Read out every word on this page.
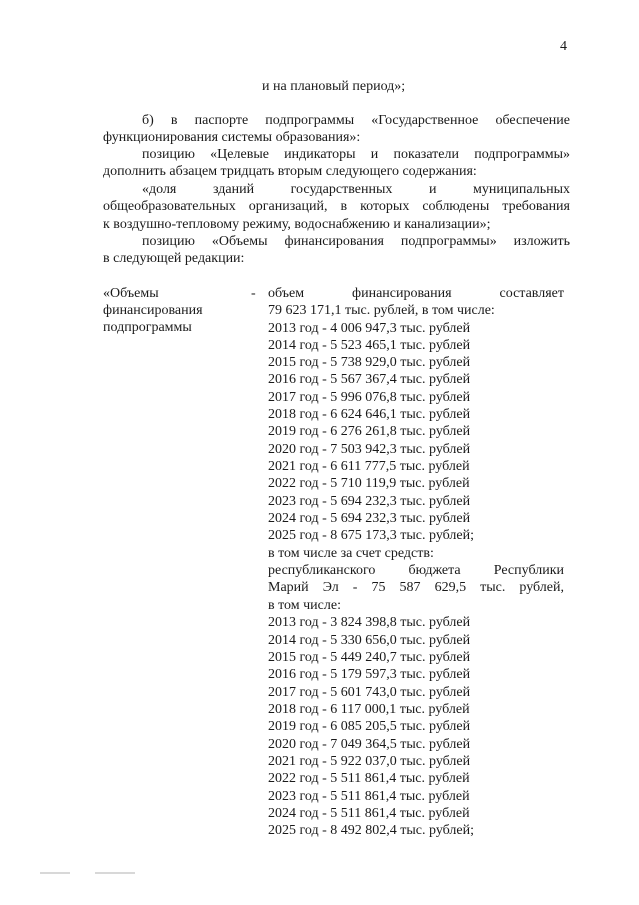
4
и на плановый период»;
б) в паспорте подпрограммы «Государственное обеспечение
функционирования системы образования»:
позицию «Целевые индикаторы и показатели подпрограммы»
дополнить абзацем тридцать вторым следующего содержания:
«доля зданий государственных и муниципальных
общеобразовательных организаций, в которых соблюдены требования
к воздушно-тепловому режиму, водоснабжению и канализации»;
позицию «Объемы финансирования подпрограммы» изложить
в следующей редакции:
«Объемы
финансирования
подпрограммы
- объем финансирования составляет
79 623 171,1 тыс. рублей, в том числе:
2013 год - 4 006 947,3 тыс. рублей
2014 год - 5 523 465,1 тыс. рублей
2015 год - 5 738 929,0 тыс. рублей
2016 год - 5 567 367,4 тыс. рублей
2017 год - 5 996 076,8 тыс. рублей
2018 год - 6 624 646,1 тыс. рублей
2019 год - 6 276 261,8 тыс. рублей
2020 год - 7 503 942,3 тыс. рублей
2021 год - 6 611 777,5 тыс. рублей
2022 год - 5 710 119,9 тыс. рублей
2023 год - 5 694 232,3 тыс. рублей
2024 год - 5 694 232,3 тыс. рублей
2025 год - 8 675 173,3 тыс. рублей;
в том числе за счет средств:
республиканского бюджета Республики
Марий Эл - 75 587 629,5 тыс. рублей,
в том числе:
2013 год - 3 824 398,8 тыс. рублей
2014 год - 5 330 656,0 тыс. рублей
2015 год - 5 449 240,7 тыс. рублей
2016 год - 5 179 597,3 тыс. рублей
2017 год - 5 601 743,0 тыс. рублей
2018 год - 6 117 000,1 тыс. рублей
2019 год - 6 085 205,5 тыс. рублей
2020 год - 7 049 364,5 тыс. рублей
2021 год - 5 922 037,0 тыс. рублей
2022 год - 5 511 861,4 тыс. рублей
2023 год - 5 511 861,4 тыс. рублей
2024 год - 5 511 861,4 тыс. рублей
2025 год - 8 492 802,4 тыс. рублей;
